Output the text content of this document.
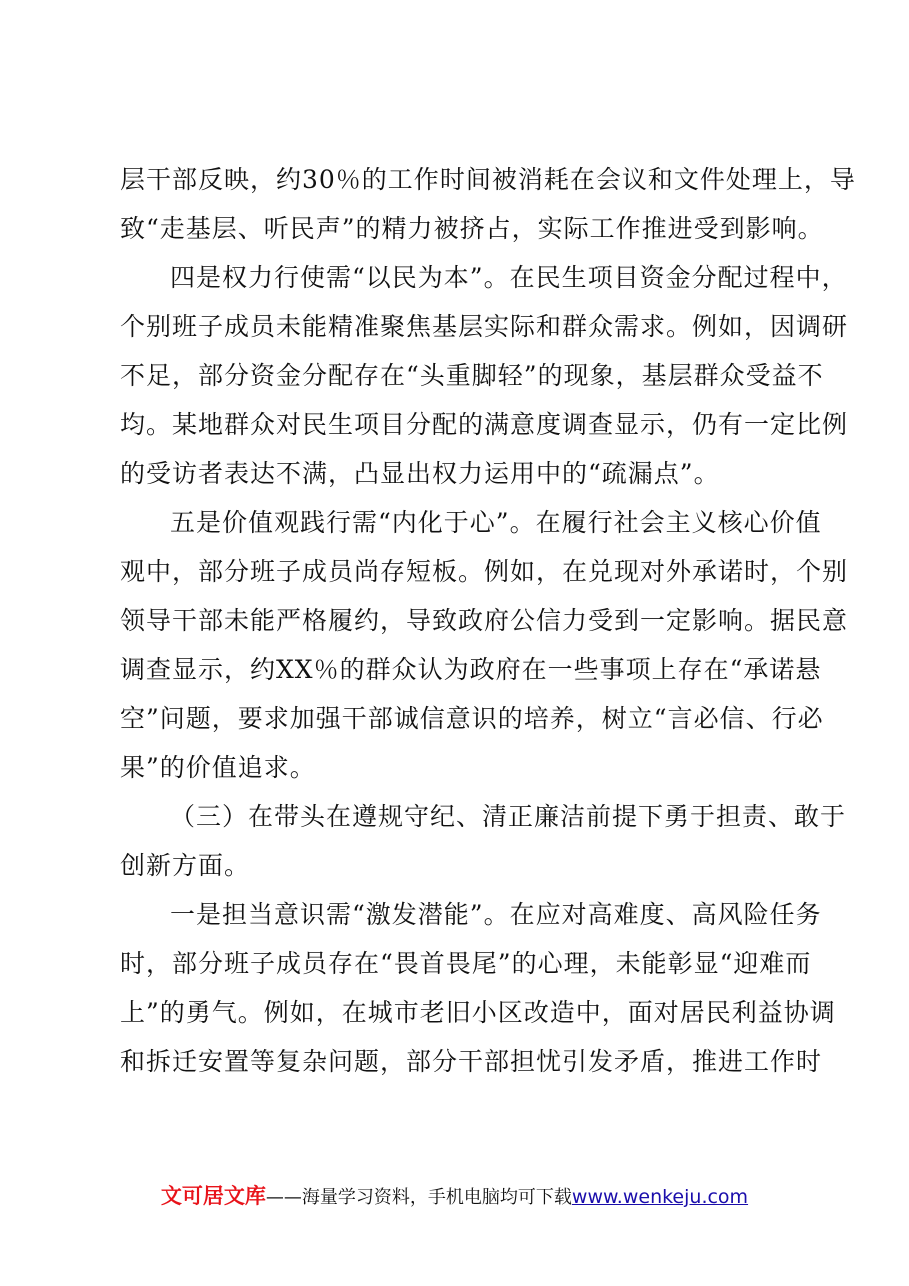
层干部反映，约30％的工作时间被消耗在会议和文件处理上，导
致“走基层、听民声”的精力被挤占，实际工作推进受到影响。
四是权力行使需“以民为本”。在民生项目资金分配过程中，
个别班子成员未能精准聚焦基层实际和群众需求。例如，因调研
不足，部分资金分配存在“头重脚轻”的现象，基层群众受益不
均。某地群众对民生项目分配的满意度调查显示，仍有一定比例
的受访者表达不满，凸显出权力运用中的“疏漏点”。
五是价值观践行需“内化于心”。在履行社会主义核心价值
观中，部分班子成员尚存短板。例如，在兑现对外承诺时，个别
领导干部未能严格履约，导致政府公信力受到一定影响。据民意
调查显示，约XX％的群众认为政府在一些事项上存在“承诺悬
空”问题，要求加强干部诚信意识的培养，树立“言必信、行必
果”的价值追求。
（三）在带头在遵规守纪、清正廉洁前提下勇于担责、敢于
创新方面。
一是担当意识需“激发潜能”。在应对高难度、高风险任务
时，部分班子成员存在“畏首畏尾”的心理，未能彰显“迎难而
上”的勇气。例如，在城市老旧小区改造中，面对居民利益协调
和拆迁安置等复杂问题，部分干部担忧引发矛盾，推进工作时
文可居文库——海量学习资料，手机电脑均可下载www.wenkeju.com
